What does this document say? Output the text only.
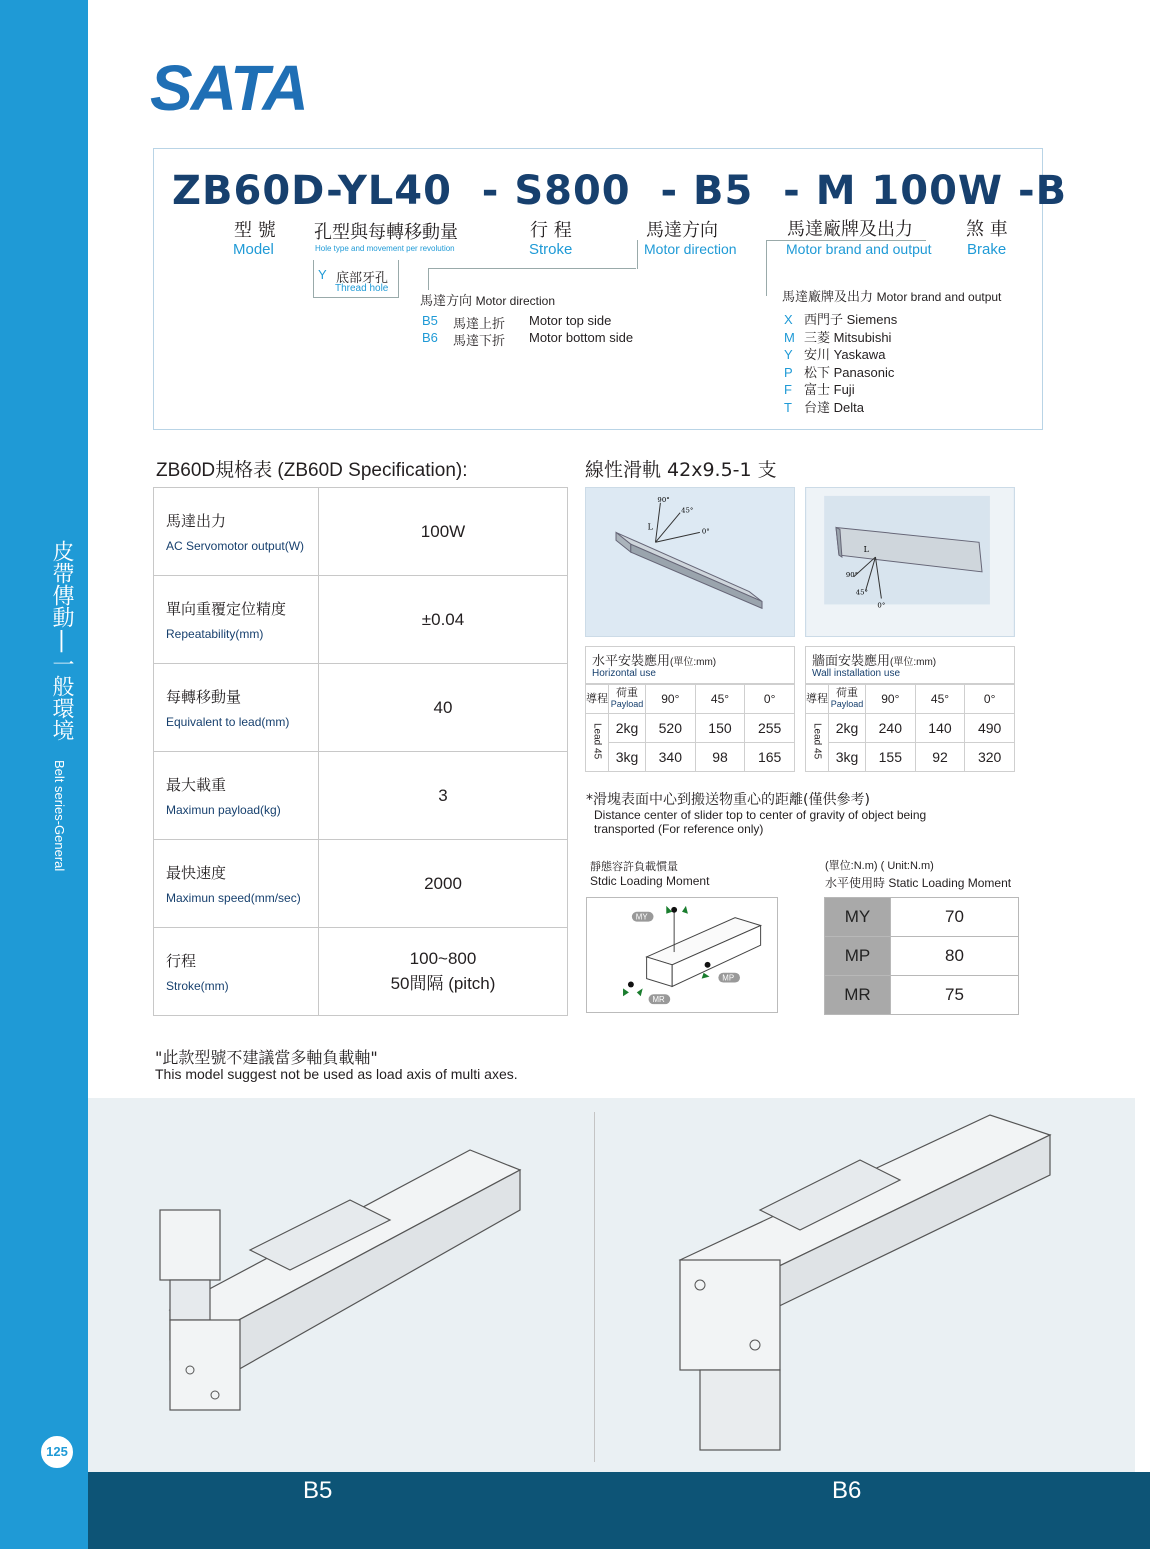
皮帶傳動|一般環境
Belt series-General
125
SATA
ZB60D-YL40  - S800  - B5  - M 100W -B
型 號
Model
孔型與每轉移動量
Hole type and movement per revolution
行 程
Stroke
馬達方向
Motor direction
馬達廠牌及出力
Motor brand and output
煞 車
Brake
Y 底部牙孔
Thread hole
馬達方向 Motor direction
B5 馬達上折 Motor top side
B6 馬達下折 Motor bottom side
馬達廠牌及出力 Motor brand and output
X 西門子 Siemens
M 三菱 Mitsubishi
Y 安川 Yaskawa
P 松下 Panasonic
F 富士 Fuji
T 台達 Delta
ZB60D規格表 (ZB60D Specification):
馬達出力
AC Servomotor output(W)	100W

單向重覆定位精度
Repeatability(mm)	±0.04

每轉移動量
Equivalent to lead(mm)	40

最大載重
Maximun payload(kg)	3

最快速度
Maximun speed(mm/sec)	2000

行程
Stroke(mm)	100~800
50間隔 (pitch)
線性滑軌 42x9.5-1 支
90°
45°
0°
L
90°
45°
0°
L
水平安裝應用(單位:mm)
Horizontal use
導程	荷重
Payload	90°	45°	0°
Lead 45	2kg	520	150	255
	3kg	340	98	165
牆面安裝應用(單位:mm)
Wall installation use
導程	荷重
Payload	90°	45°	0°
Lead 45	2kg	240	140	490
	3kg	155	92	320
*滑塊表面中心到搬送物重心的距離(僅供參考)
Distance center of slider top to center of gravity of object being
transported (For reference only)
靜態容許負載慣量
Stdic Loading Moment
(單位:N.m) ( Unit:N.m)
水平使用時 Static Loading Moment
MY
MP
MR
MY	70
MP	80
MR	75
"此款型號不建議當多軸負載軸"
This model suggest not be used as load axis of multi axes.
B5	B6
